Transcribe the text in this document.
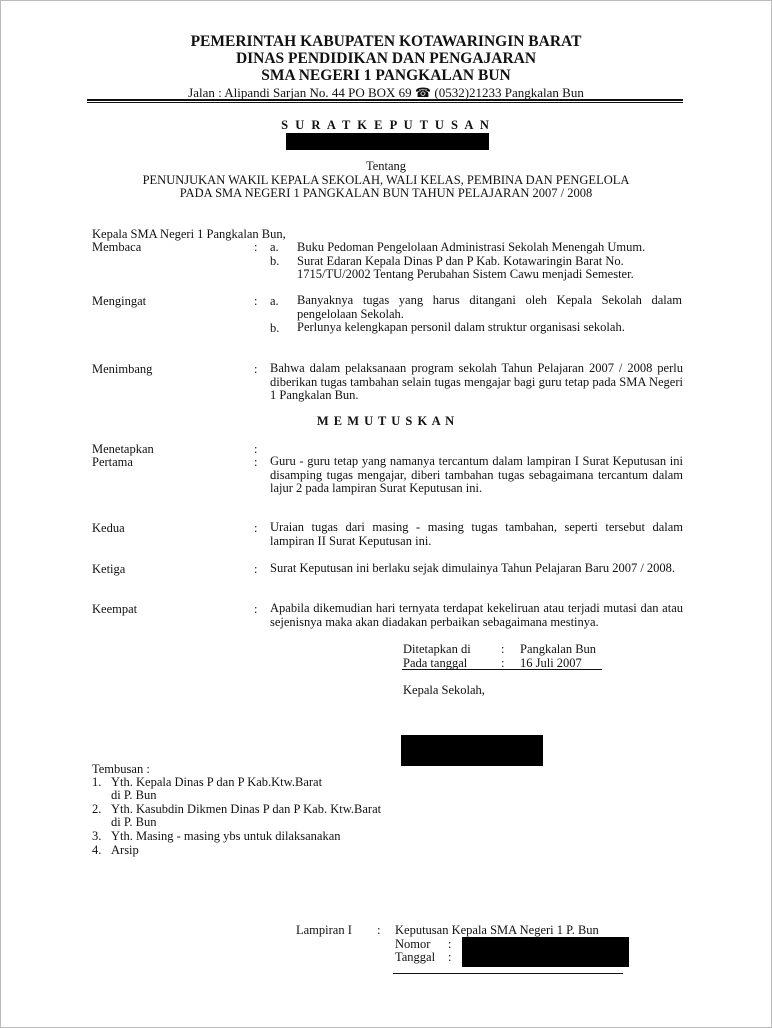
PEMERINTAH KABUPATEN KOTAWARINGIN BARAT
DINAS PENDIDIKAN DAN PENGAJARAN
SMA NEGERI 1 PANGKALAN BUN
Jalan : Alipandi Sarjan No. 44 PO BOX 69 ☎ (0532)21233 Pangkalan Bun
S U R A T K E P U T U S A N
Tentang
PENUNJUKAN WAKIL KEPALA SEKOLAH, WALI KELAS, PEMBINA DAN PENGELOLA
PADA SMA NEGERI 1 PANGKALAN BUN TAHUN PELAJARAN 2007 / 2008
Kepala SMA Negeri 1 Pangkalan Bun,
Membaca	: a. Buku Pedoman Pengelolaan Administrasi Sekolah Menengah Umum.
b. Surat Edaran Kepala Dinas P dan P Kab. Kotawaringin Barat No.
1715/TU/2002 Tentang Perubahan Sistem Cawu menjadi Semester.
Mengingat	: a. Banyaknya tugas yang harus ditangani oleh Kepala Sekolah dalam pengelolaan Sekolah.
b. Perlunya kelengkapan personil dalam struktur organisasi sekolah.
Menimbang	: Bahwa dalam pelaksanaan program sekolah Tahun Pelajaran 2007 / 2008 perlu diberikan tugas tambahan selain tugas mengajar bagi guru tetap pada SMA Negeri 1 Pangkalan Bun.
M E M U T U S K A N
Menetapkan	:
Pertama	: Guru - guru tetap yang namanya tercantum dalam lampiran I Surat Keputusan ini disamping tugas mengajar, diberi tambahan tugas sebagaimana tercantum dalam lajur 2 pada lampiran Surat Keputusan ini.
Kedua	: Uraian tugas dari masing - masing tugas tambahan, seperti tersebut dalam lampiran II Surat Keputusan ini.
Ketiga	: Surat Keputusan ini berlaku sejak dimulainya Tahun Pelajaran Baru 2007 / 2008.
Keempat	: Apabila dikemudian hari ternyata terdapat kekeliruan atau terjadi mutasi dan atau sejenisnya maka akan diadakan perbaikan sebagaimana mestinya.
Ditetapkan di : Pangkalan Bun
Pada tanggal	: 16 Juli 2007
Kepala Sekolah,
Tembusan :
1. Yth. Kepala Dinas P dan P Kab.Ktw.Barat
di P. Bun
2. Yth. Kasubdin Dikmen Dinas P dan P Kab. Ktw.Barat
di P. Bun
3. Yth. Masing - masing ybs untuk dilaksanakan
4. Arsip
Lampiran I : Keputusan Kepala SMA Negeri 1 P. Bun
Nomor :
Tanggal :
